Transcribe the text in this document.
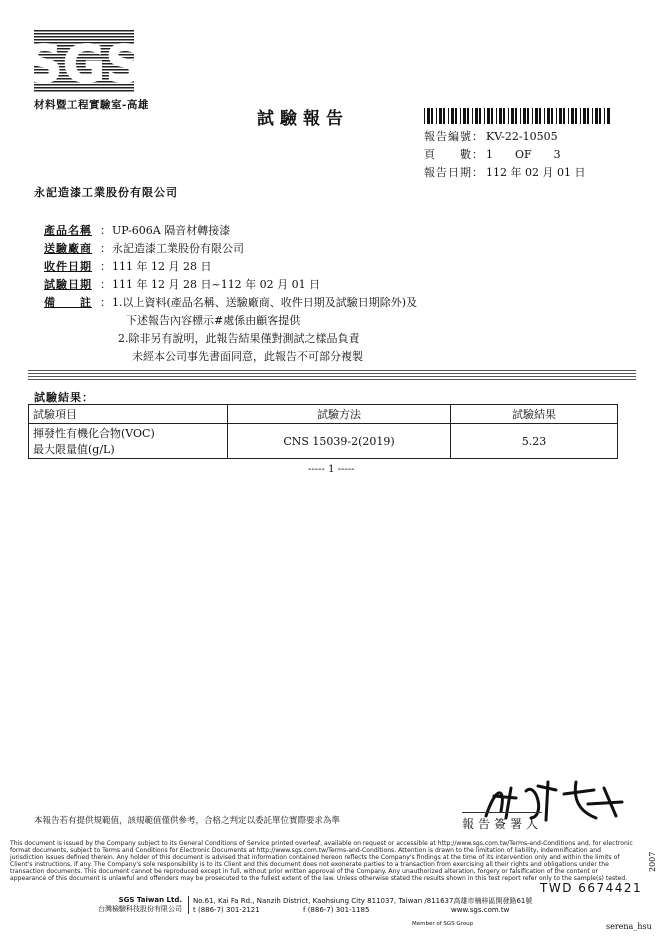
SGS
材料暨工程實驗室-高雄
試驗報告
報告編號： KV-22-10505
頁　　數： 1　　OF　　3
報告日期： 112 年 02 月 01 日
永記造漆工業股份有限公司
產品名稱 ：UP-606A 隔音材轉接漆
送驗廠商 ：永記造漆工業股份有限公司
收件日期 ：111 年 12 月 28 日
試驗日期 ：111 年 12 月 28 日~112 年 02 月 01 日
備　　註 ：1.以上資料(產品名稱、送驗廠商、收件日期及試驗日期除外)及
下述報告內容標示#處係由顧客提供
2.除非另有說明，此報告結果僅對測試之樣品負責
未經本公司事先書面同意，此報告不可部分複製
試驗結果：
試驗項目	試驗方法	試驗結果

揮發性有機化合物(VOC)
最大限量值(g/L)	CNS 15039-2(2019)	5.23
----- 1 -----
本報告若有提供規範值，該規範值僅供參考，合格之判定以委託單位實際要求為準	報告簽署人
This document is issued by the Company subject to its General Conditions of Service printed overleaf, available on request or accessible at http://www.sgs.com.tw/Terms-and-Conditions and, for electronic format documents, subject to Terms and Conditions for Electronic Documents at http://www.sgs.com.tw/Terms-and-Conditions. Attention is drawn to the limitation of liability, indemnification and jurisdiction issues defined therein. Any holder of this document is advised that information contained hereon reflects the Company's findings at the time of its intervention only and within the limits of Client's instructions, if any. The Company's sole responsibility is to its Client and this document does not exonerate parties to a transaction from exercising all their rights and obligations under the transaction documents. This document cannot be reproduced except in full, without prior written approval of the Company. Any unauthorized alteration, forgery or falsification of the content or appearance of this document is unlawful and offenders may be prosecuted to the fullest extent of the law. Unless otherwise stated the results shown in this test report refer only to the sample(s) tested.
TWD 6674421
2007
SGS Taiwan Ltd.
台灣檢驗科技股份有限公司
No.61, Kai Fa Rd., Nanzih District, Kaohsiung City 811037, Taiwan /811637高雄市楠梓區開發路61號
t (886-7) 301-2121	f (886-7) 301-1185	www.sgs.com.tw
Member of SGS Group	serena_hsu
